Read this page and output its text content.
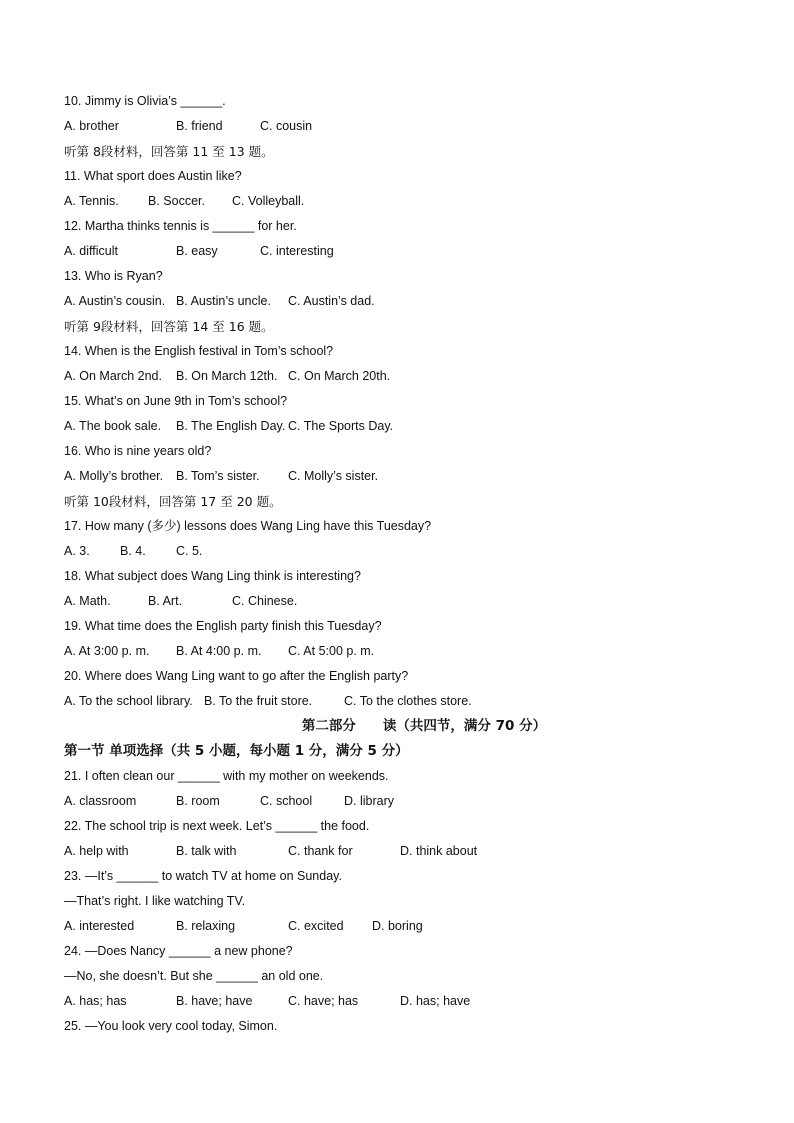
10. Jimmy is Olivia’s ______.
A. brother	B. friend	C. cousin
听第 8段材料，回答第 11 至 13 题。
11. What sport does Austin like?
A. Tennis.	B. Soccer.	C. Volleyball.
12. Martha thinks tennis is ______ for her.
A. difficult	B. easy	C. interesting
13. Who is Ryan?
A. Austin’s cousin. B. Austin’s uncle.	C. Austin’s dad.
听第 9段材料，回答第 14 至 16 题。
14. When is the English festival in Tom’s school?
A. On March 2nd.	B. On March 12th. C. On March 20th.
15. What’s on June 9th in Tom’s school?
A. The book sale.	B. The English Day. C. The Sports Day.
16. Who is nine years old?
A. Molly’s brother.	B. Tom’s sister.	C. Molly’s sister.
听第 10段材料，回答第 17 至 20 题。
17. How many (多少) lessons does Wang Ling have this Tuesday?
A. 3.	B. 4.	C. 5.
18. What subject does Wang Ling think is interesting?
A. Math.	B. Art.	C. Chinese.
19. What time does the English party finish this Tuesday?
A. At 3:00 p. m.	B. At 4:00 p. m.	C. At 5:00 p. m.
20. Where does Wang Ling want to go after the English party?
A. To the school library. B. To the fruit store.	C. To the clothes store.
第二部分　　读（共四节，满分 70 分）
第一节 单项选择（共 5 小题，每小题 1 分，满分 5 分）
21. I often clean our ______ with my mother on weekends.
A. classroom	B. room	C. school	D. library
22. The school trip is next week. Let’s ______ the food.
A. help with	B. talk with	C. thank for	D. think about
23. —It’s ______ to watch TV at home on Sunday.
—That’s right. I like watching TV.
A. interested	B. relaxing	C. excited	D. boring
24. —Does Nancy ______ a new phone?
—No, she doesn’t. But she ______ an old one.
A. has; has	B. have; have	C. have; has	D. has; have
25. —You look very cool today, Simon.
